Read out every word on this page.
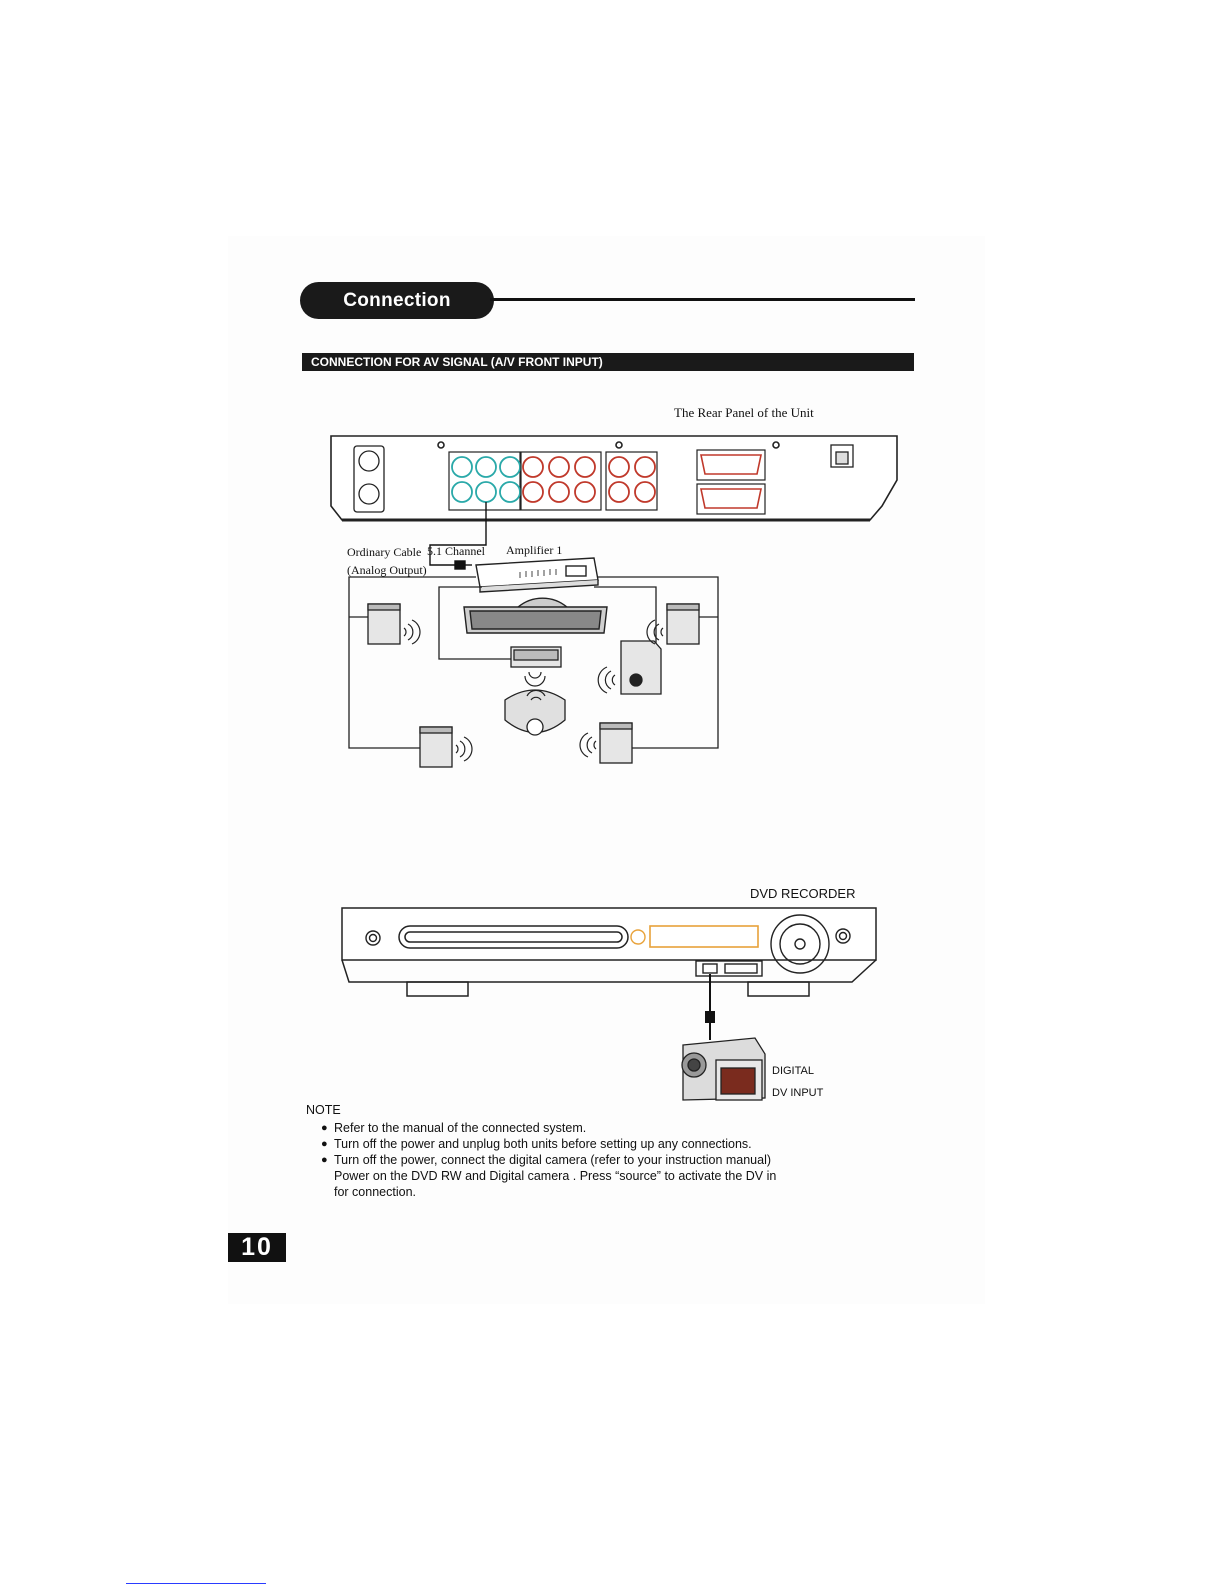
Connection
CONNECTION FOR AV SIGNAL (A/V FRONT INPUT)
The Rear Panel of the Unit
Ordinary Cable
(Analog Output)
5.1 Channel Amplifier 1
DVD RECORDER
DIGITAL
DV INPUT
NOTE
● Refer to the manual of the connected system.
● Turn off the power and unplug both units before setting up any connections.
● Turn off the power, connect the digital camera (refer to your instruction manual)
Power on the DVD RW and Digital camera . Press “source” to activate the DV in
for connection.
10
